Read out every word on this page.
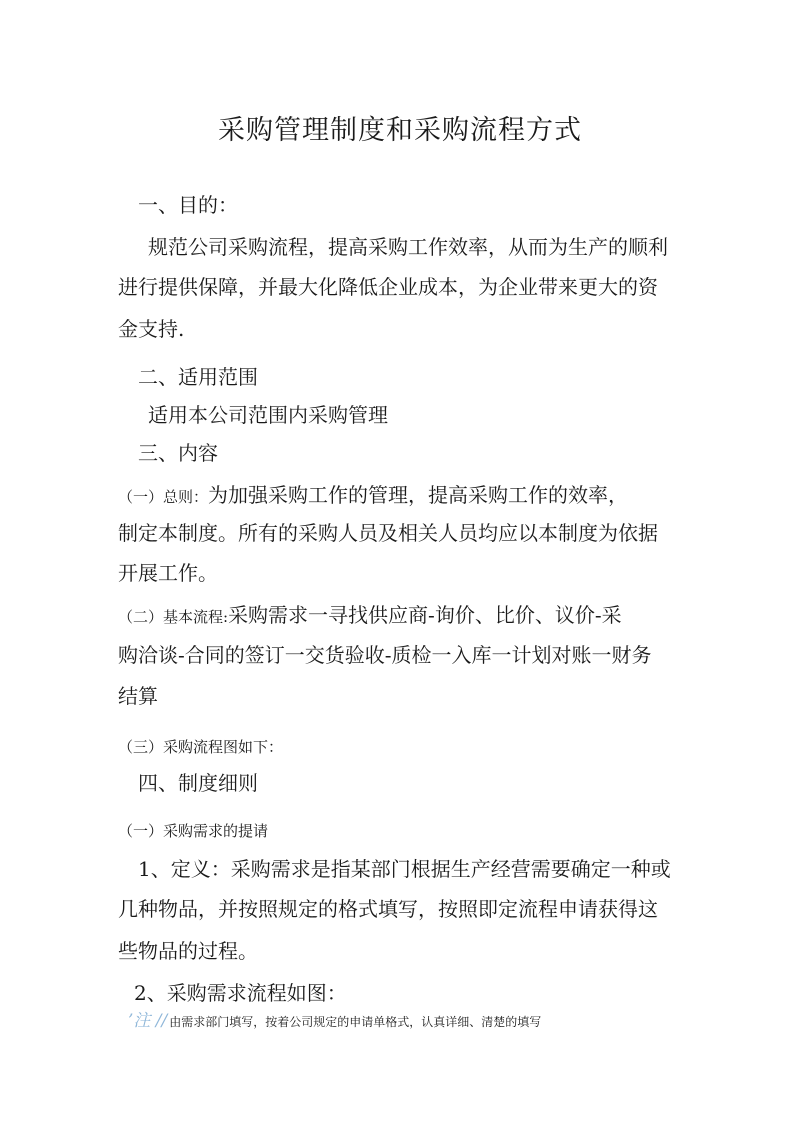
采购管理制度和采购流程方式
一、目的：
规范公司采购流程，提高采购工作效率，从而为生产的顺利
进行提供保障，并最大化降低企业成本，为企业带来更大的资
金支持.
二、适用范围
适用本公司范围内采购管理
三、内容
（一）总则：为加强采购工作的管理，提高采购工作的效率，
制定本制度。所有的采购人员及相关人员均应以本制度为依据
开展工作。
（二）基本流程:采购需求一寻找供应商-询价、比价、议价-采
购洽谈-合同的签订一交货验收-质检一入库一计划对账一财务
结算
（三）采购流程图如下：
四、制度细则
（一）采购需求的提请
1、定义：采购需求是指某部门根据生产经营需要确定一种或
几种物品，并按照规定的格式填写，按照即定流程申请获得这
些物品的过程。
2、采购需求流程如图：
’注 // 由需求部门填写，按着公司规定的申请单格式，认真详细、清楚的填写
